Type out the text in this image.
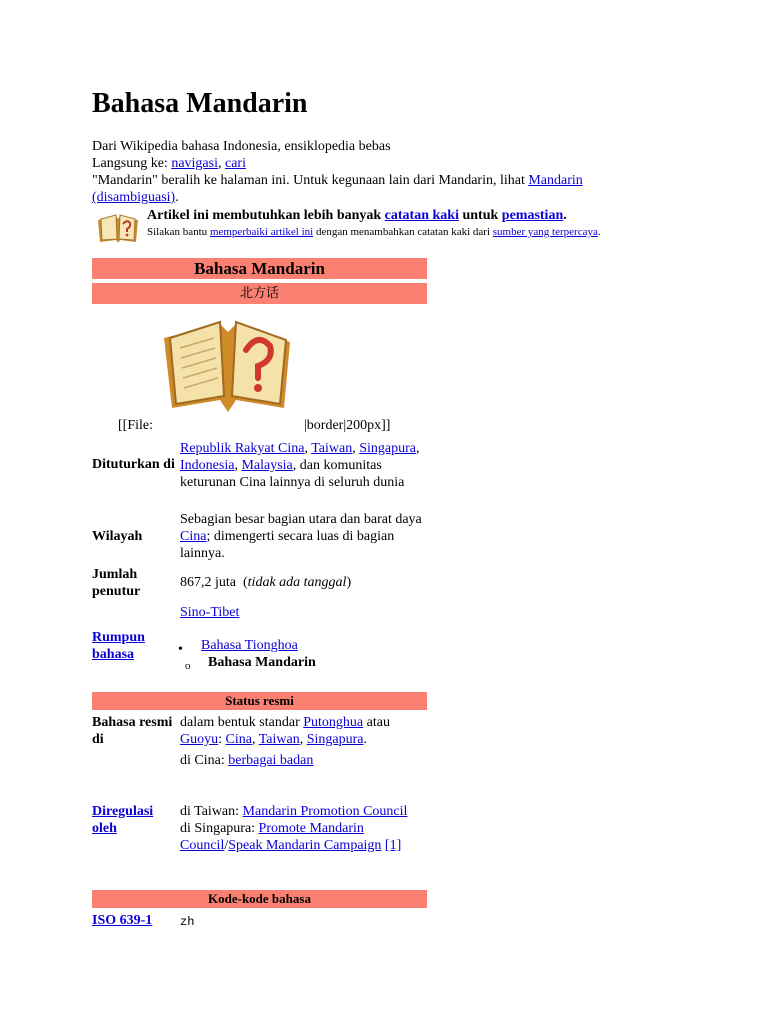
Bahasa Mandarin
Dari Wikipedia bahasa Indonesia, ensiklopedia bebas
Langsung ke: navigasi, cari
"Mandarin" beralih ke halaman ini. Untuk kegunaan lain dari Mandarin, lihat Mandarin (disambiguasi).
Artikel ini membutuhkan lebih banyak catatan kaki untuk pemastian.
Silakan bantu memperbaiki artikel ini dengan menambahkan catatan kaki dari sumber yang terpercaya.
Bahasa Mandarin
北方话
[[File:	|border|200px]]
Dituturkan di
Republik Rakyat Cina, Taiwan, Singapura, Indonesia, Malaysia, dan komunitas keturunan Cina lainnya di seluruh dunia
Wilayah
Sebagian besar bagian utara dan barat daya Cina; dimengerti secara luas di bagian lainnya.
Jumlah penutur
867,2 juta  (tidak ada tanggal)
Rumpun bahasa
Sino-Tibet
• Bahasa Tionghoa
o Bahasa Mandarin
Status resmi
Bahasa resmi di
dalam bentuk standar Putonghua atau Guoyu: Cina, Taiwan, Singapura.
di Cina: berbagai badan
Diregulasi oleh
di Taiwan: Mandarin Promotion Council
di Singapura: Promote Mandarin Council/Speak Mandarin Campaign [1]
Kode-kode bahasa
ISO 639-1	zh
